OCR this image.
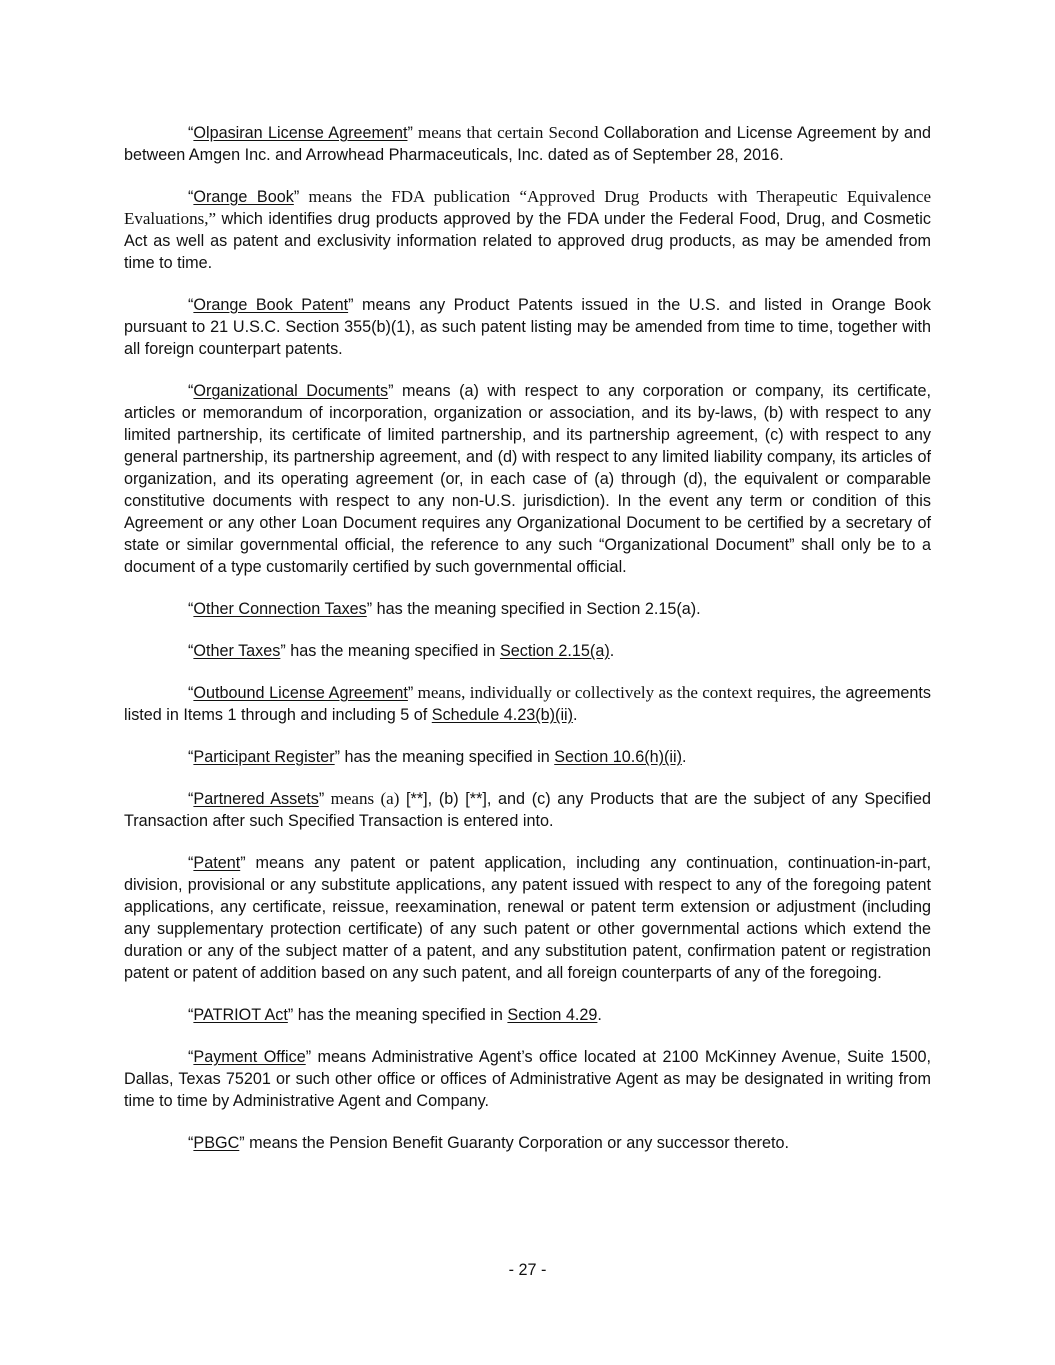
“Olpasiran License Agreement” means that certain Second Collaboration and License Agreement by and between Amgen Inc. and Arrowhead Pharmaceuticals, Inc. dated as of September 28, 2016.

“Orange Book” means the FDA publication “Approved Drug Products with Therapeutic Equivalence Evaluations,” which identifies drug products approved by the FDA under the Federal Food, Drug, and Cosmetic Act as well as patent and exclusivity information related to approved drug products, as may be amended from time to time.

“Orange Book Patent” means any Product Patents issued in the U.S. and listed in Orange Book pursuant to 21 U.S.C. Section 355(b)(1), as such patent listing may be amended from time to time, together with all foreign counterpart patents.

“Organizational Documents” means (a) with respect to any corporation or company, its certificate, articles or memorandum of incorporation, organization or association, and its by-laws, (b) with respect to any limited partnership, its certificate of limited partnership, and its partnership agreement, (c) with respect to any general partnership, its partnership agreement, and (d) with respect to any limited liability company, its articles of organization, and its operating agreement (or, in each case of (a) through (d), the equivalent or comparable constitutive documents with respect to any non-U.S. jurisdiction). In the event any term or condition of this Agreement or any other Loan Document requires any Organizational Document to be certified by a secretary of state or similar governmental official, the reference to any such “Organizational Document” shall only be to a document of a type customarily certified by such governmental official.

“Other Connection Taxes” has the meaning specified in Section 2.15(a).

“Other Taxes” has the meaning specified in Section 2.15(a).

“Outbound License Agreement” means, individually or collectively as the context requires, the agreements listed in Items 1 through and including 5 of Schedule 4.23(b)(ii).

“Participant Register” has the meaning specified in Section 10.6(h)(ii).

“Partnered Assets” means (a) [**], (b) [**], and (c) any Products that are the subject of any Specified Transaction after such Specified Transaction is entered into.

“Patent” means any patent or patent application, including any continuation, continuation-in-part, division, provisional or any substitute applications, any patent issued with respect to any of the foregoing patent applications, any certificate, reissue, reexamination, renewal or patent term extension or adjustment (including any supplementary protection certificate) of any such patent or other governmental actions which extend the duration or any of the subject matter of a patent, and any substitution patent, confirmation patent or registration patent or patent of addition based on any such patent, and all foreign counterparts of any of the foregoing.

“PATRIOT Act” has the meaning specified in Section 4.29.

“Payment Office” means Administrative Agent’s office located at 2100 McKinney Avenue, Suite 1500, Dallas, Texas 75201 or such other office or offices of Administrative Agent as may be designated in writing from time to time by Administrative Agent and Company.

“PBGC” means the Pension Benefit Guaranty Corporation or any successor thereto.

- 27 -
